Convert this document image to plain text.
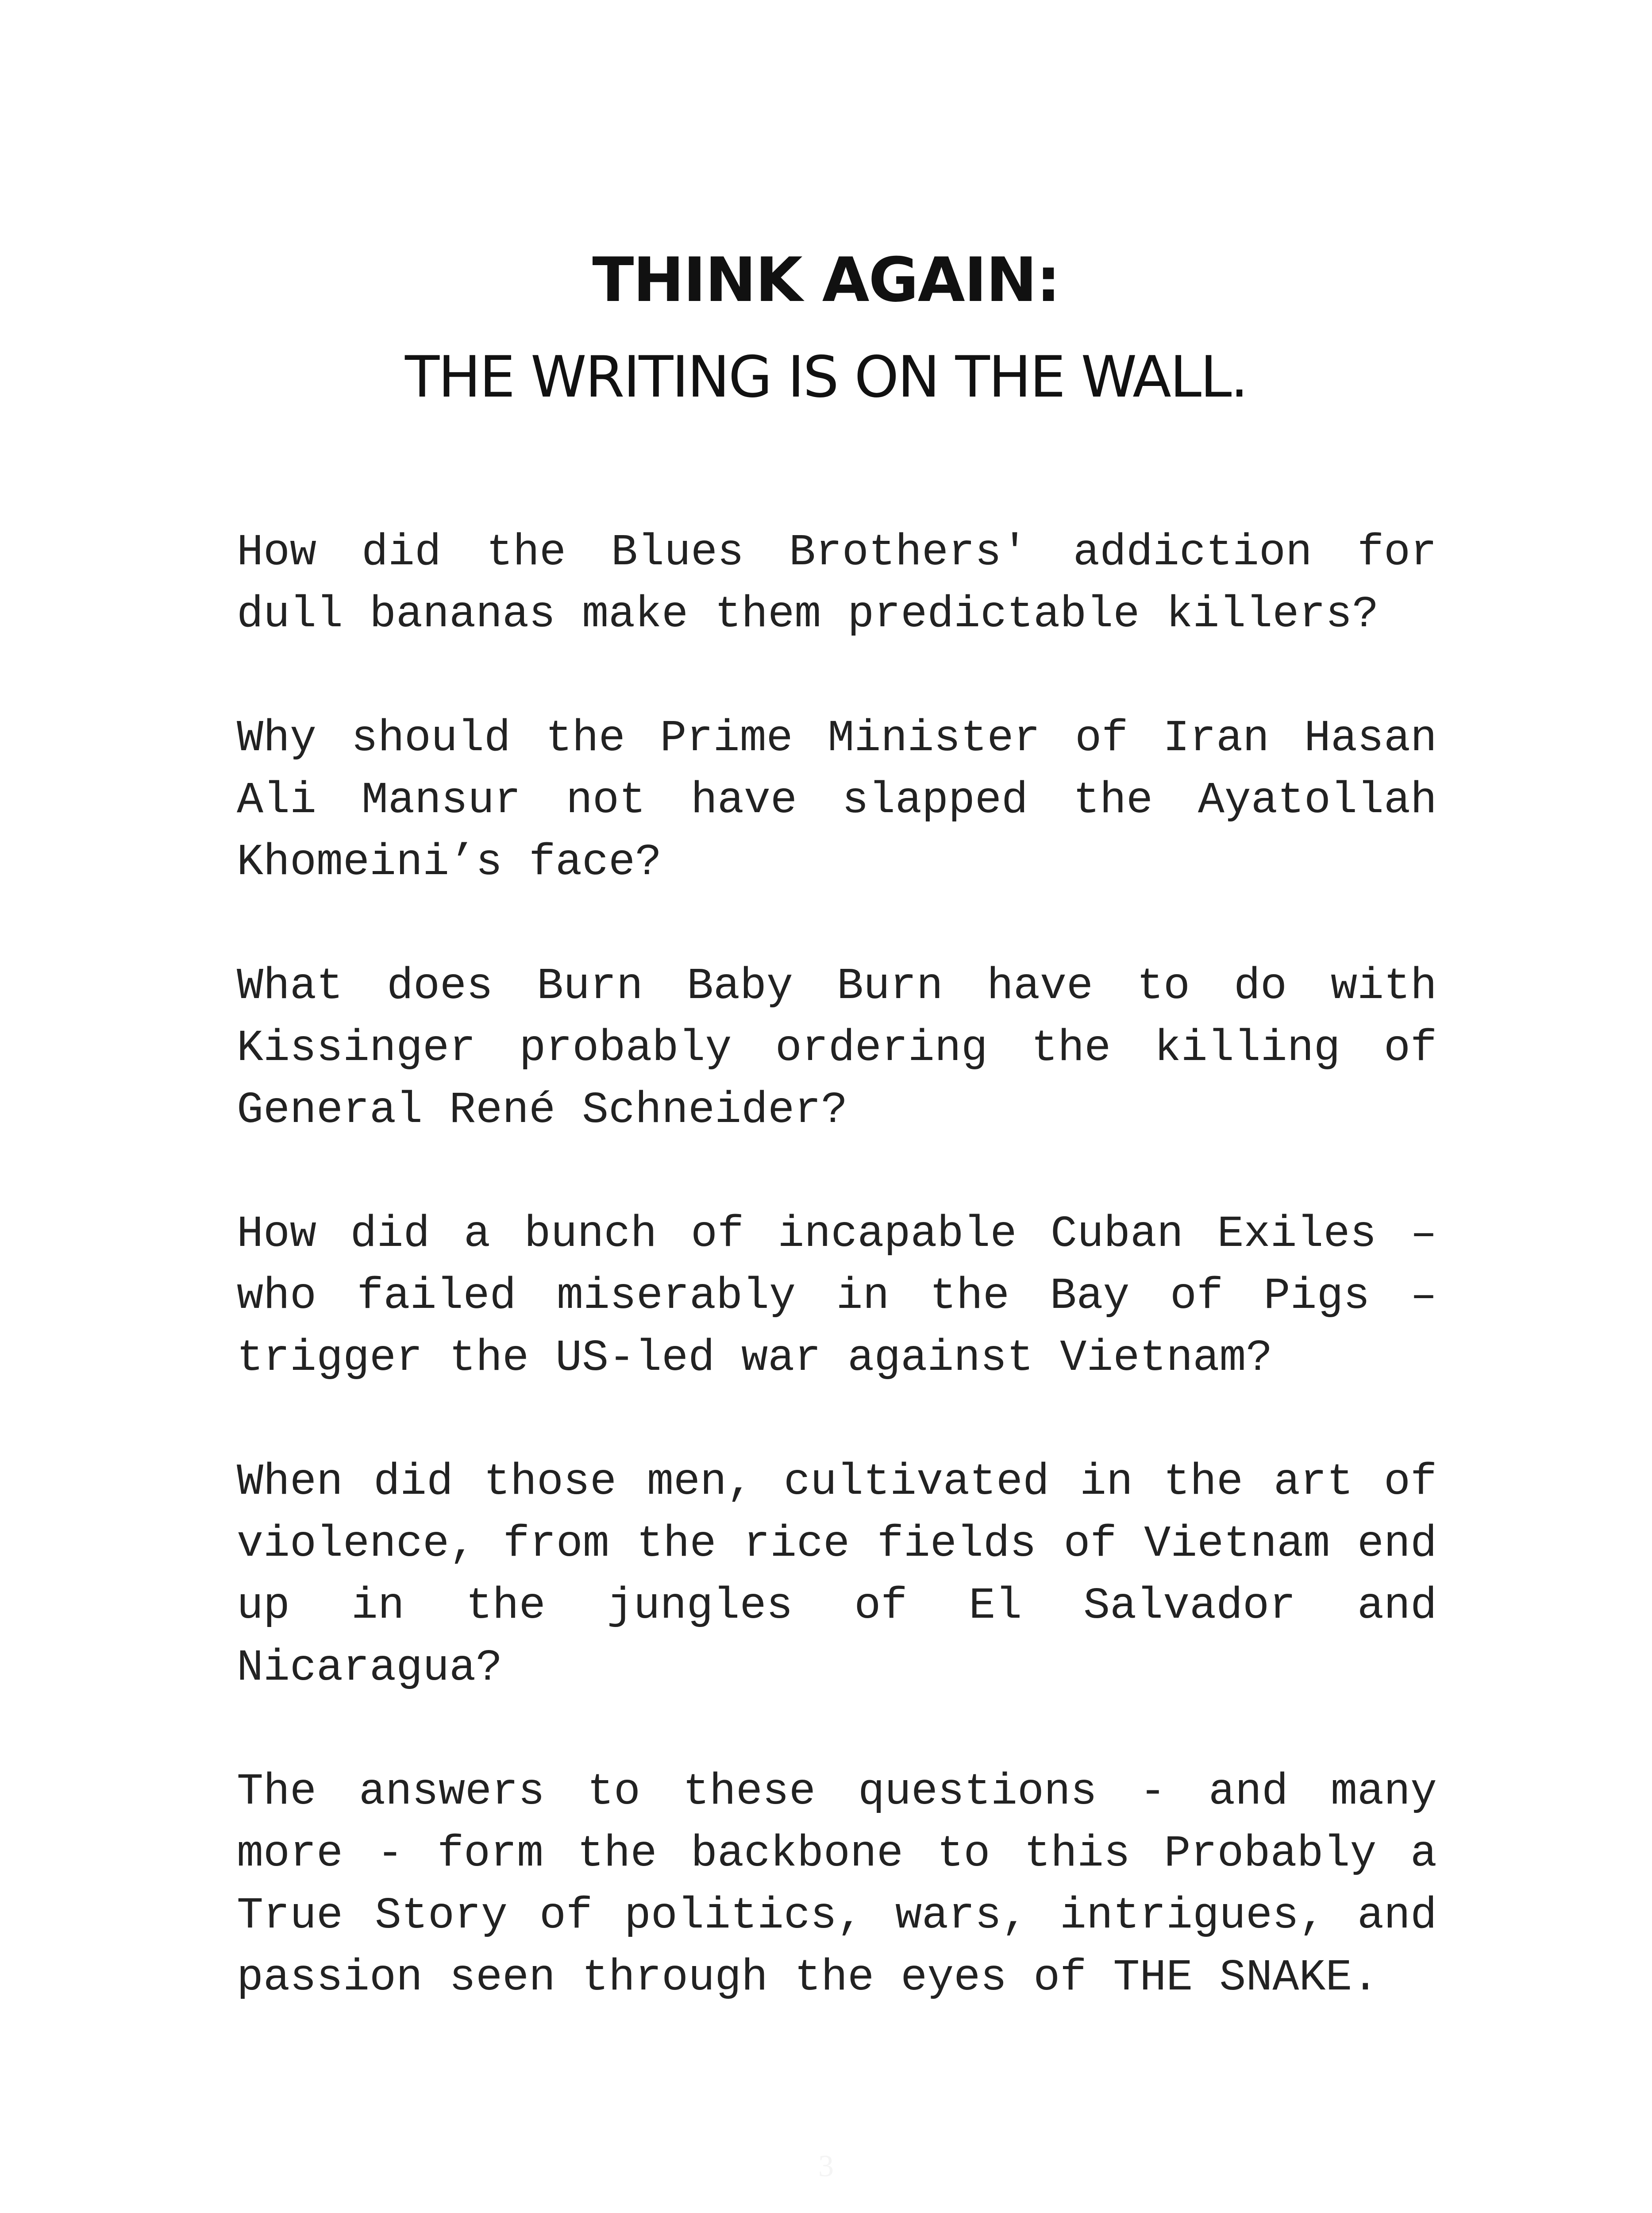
THINK AGAIN:
THE WRITING IS ON THE WALL.

How did the Blues Brothers' addiction for dull bananas make them predictable killers?

Why should the Prime Minister of Iran Hasan Ali Mansur not have slapped the Ayatollah Khomeini’s face?

What does Burn Baby Burn have to do with Kissinger probably ordering the killing of General René Schneider?

How did a bunch of incapable Cuban Exiles – who failed miserably in the Bay of Pigs – trigger the US-led war against Vietnam?

When did those men, cultivated in the art of violence, from the rice fields of Vietnam end up in the jungles of El Salvador and Nicaragua?

The answers to these questions - and many more - form the backbone to this Probably a True Story of politics, wars, intrigues, and passion seen through the eyes of THE SNAKE.

3
